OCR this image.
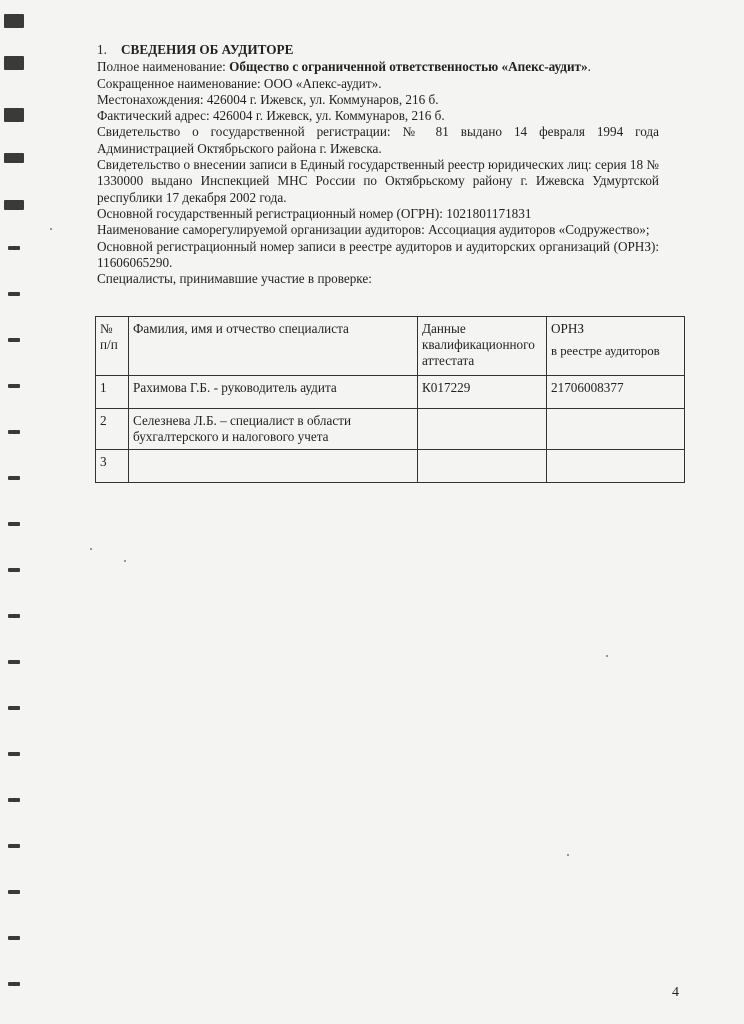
1. СВЕДЕНИЯ ОБ АУДИТОРЕ

Полное наименование: Общество с ограниченной ответственностью «Апекс-аудит».

Сокращенное наименование: ООО «Апекс-аудит».

Местонахождения: 426004 г. Ижевск, ул. Коммунаров, 216 б.

Фактический адрес: 426004 г. Ижевск, ул. Коммунаров, 216 б.

Свидетельство о государственной регистрации: № 81 выдано 14 февраля 1994 года Администрацией Октябрьского района г. Ижевска.

Свидетельство о внесении записи в Единый государственный реестр юридических лиц: серия 18 № 1330000 выдано Инспекцией МНС России по Октябрьскому району г. Ижевска Удмуртской республики 17 декабря 2002 года.

Основной государственный регистрационный номер (ОГРН): 1021801171831

Наименование саморегулируемой организации аудиторов: Ассоциация аудиторов «Содружество»;

Основной регистрационный номер записи в реестре аудиторов и аудиторских организаций (ОРНЗ): 11606065290.

Специалисты, принимавшие участие в проверке:

№ п/п	Фамилия, имя и отчество специалиста	Данные квалификационного аттестата	ОРНЗ
в реестре аудиторов

1	Рахимова Г.Б. - руководитель аудита	К017229	21706008377
2	Селезнева Л.Б. – специалист в области бухгалтерского и налогового учета		
3			
4
